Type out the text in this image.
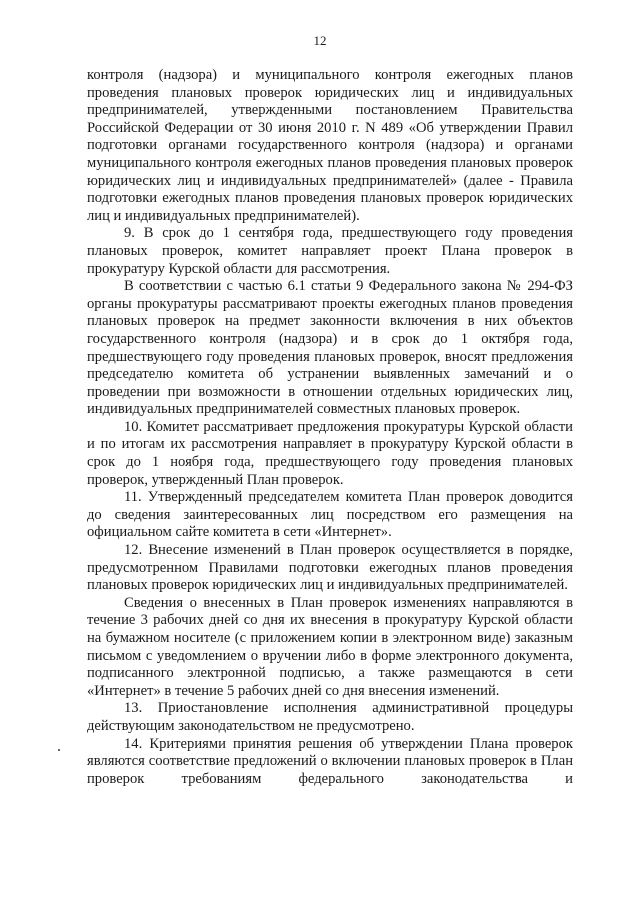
12

контроля (надзора) и муниципального контроля ежегодных планов проведения плановых проверок юридических лиц и индивидуальных предпринимателей, утвержденными постановлением Правительства Российской Федерации от 30 июня 2010 г. N 489 «Об утверждении Правил подготовки органами государственного контроля (надзора) и органами муниципального контроля ежегодных планов проведения плановых проверок юридических лиц и индивидуальных предпринимателей» (далее - Правила подготовки ежегодных планов проведения плановых проверок юридических лиц и индивидуальных предпринимателей).

9. В срок до 1 сентября года, предшествующего году проведения плановых проверок, комитет направляет проект Плана проверок в прокуратуру Курской области для рассмотрения.

В соответствии с частью 6.1 статьи 9 Федерального закона № 294-ФЗ органы прокуратуры рассматривают проекты ежегодных планов проведения плановых проверок на предмет законности включения в них объектов государственного контроля (надзора) и в срок до 1 октября года, предшествующего году проведения плановых проверок, вносят предложения председателю комитета об устранении выявленных замечаний и о проведении при возможности в отношении отдельных юридических лиц, индивидуальных предпринимателей совместных плановых проверок.

10. Комитет рассматривает предложения прокуратуры Курской области и по итогам их рассмотрения направляет в прокуратуру Курской области в срок до 1 ноября года, предшествующего году проведения плановых проверок, утвержденный План проверок.

11. Утвержденный председателем комитета План проверок доводится до сведения заинтересованных лиц посредством его размещения на официальном сайте комитета в сети «Интернет».

12. Внесение изменений в План проверок осуществляется в порядке, предусмотренном Правилами подготовки ежегодных планов проведения плановых проверок юридических лиц и индивидуальных предпринимателей.

Сведения о внесенных в План проверок изменениях направляются в течение 3 рабочих дней со дня их внесения в прокуратуру Курской области на бумажном носителе (с приложением копии в электронном виде) заказным письмом с уведомлением о вручении либо в форме электронного документа, подписанного электронной подписью, а также размещаются в сети «Интернет» в течение 5 рабочих дней со дня внесения изменений.

13. Приостановление исполнения административной процедуры действующим законодательством не предусмотрено.

14. Критериями принятия решения об утверждении Плана проверок являются соответствие предложений о включении плановых проверок в План проверок требованиям федерального законодательства и
